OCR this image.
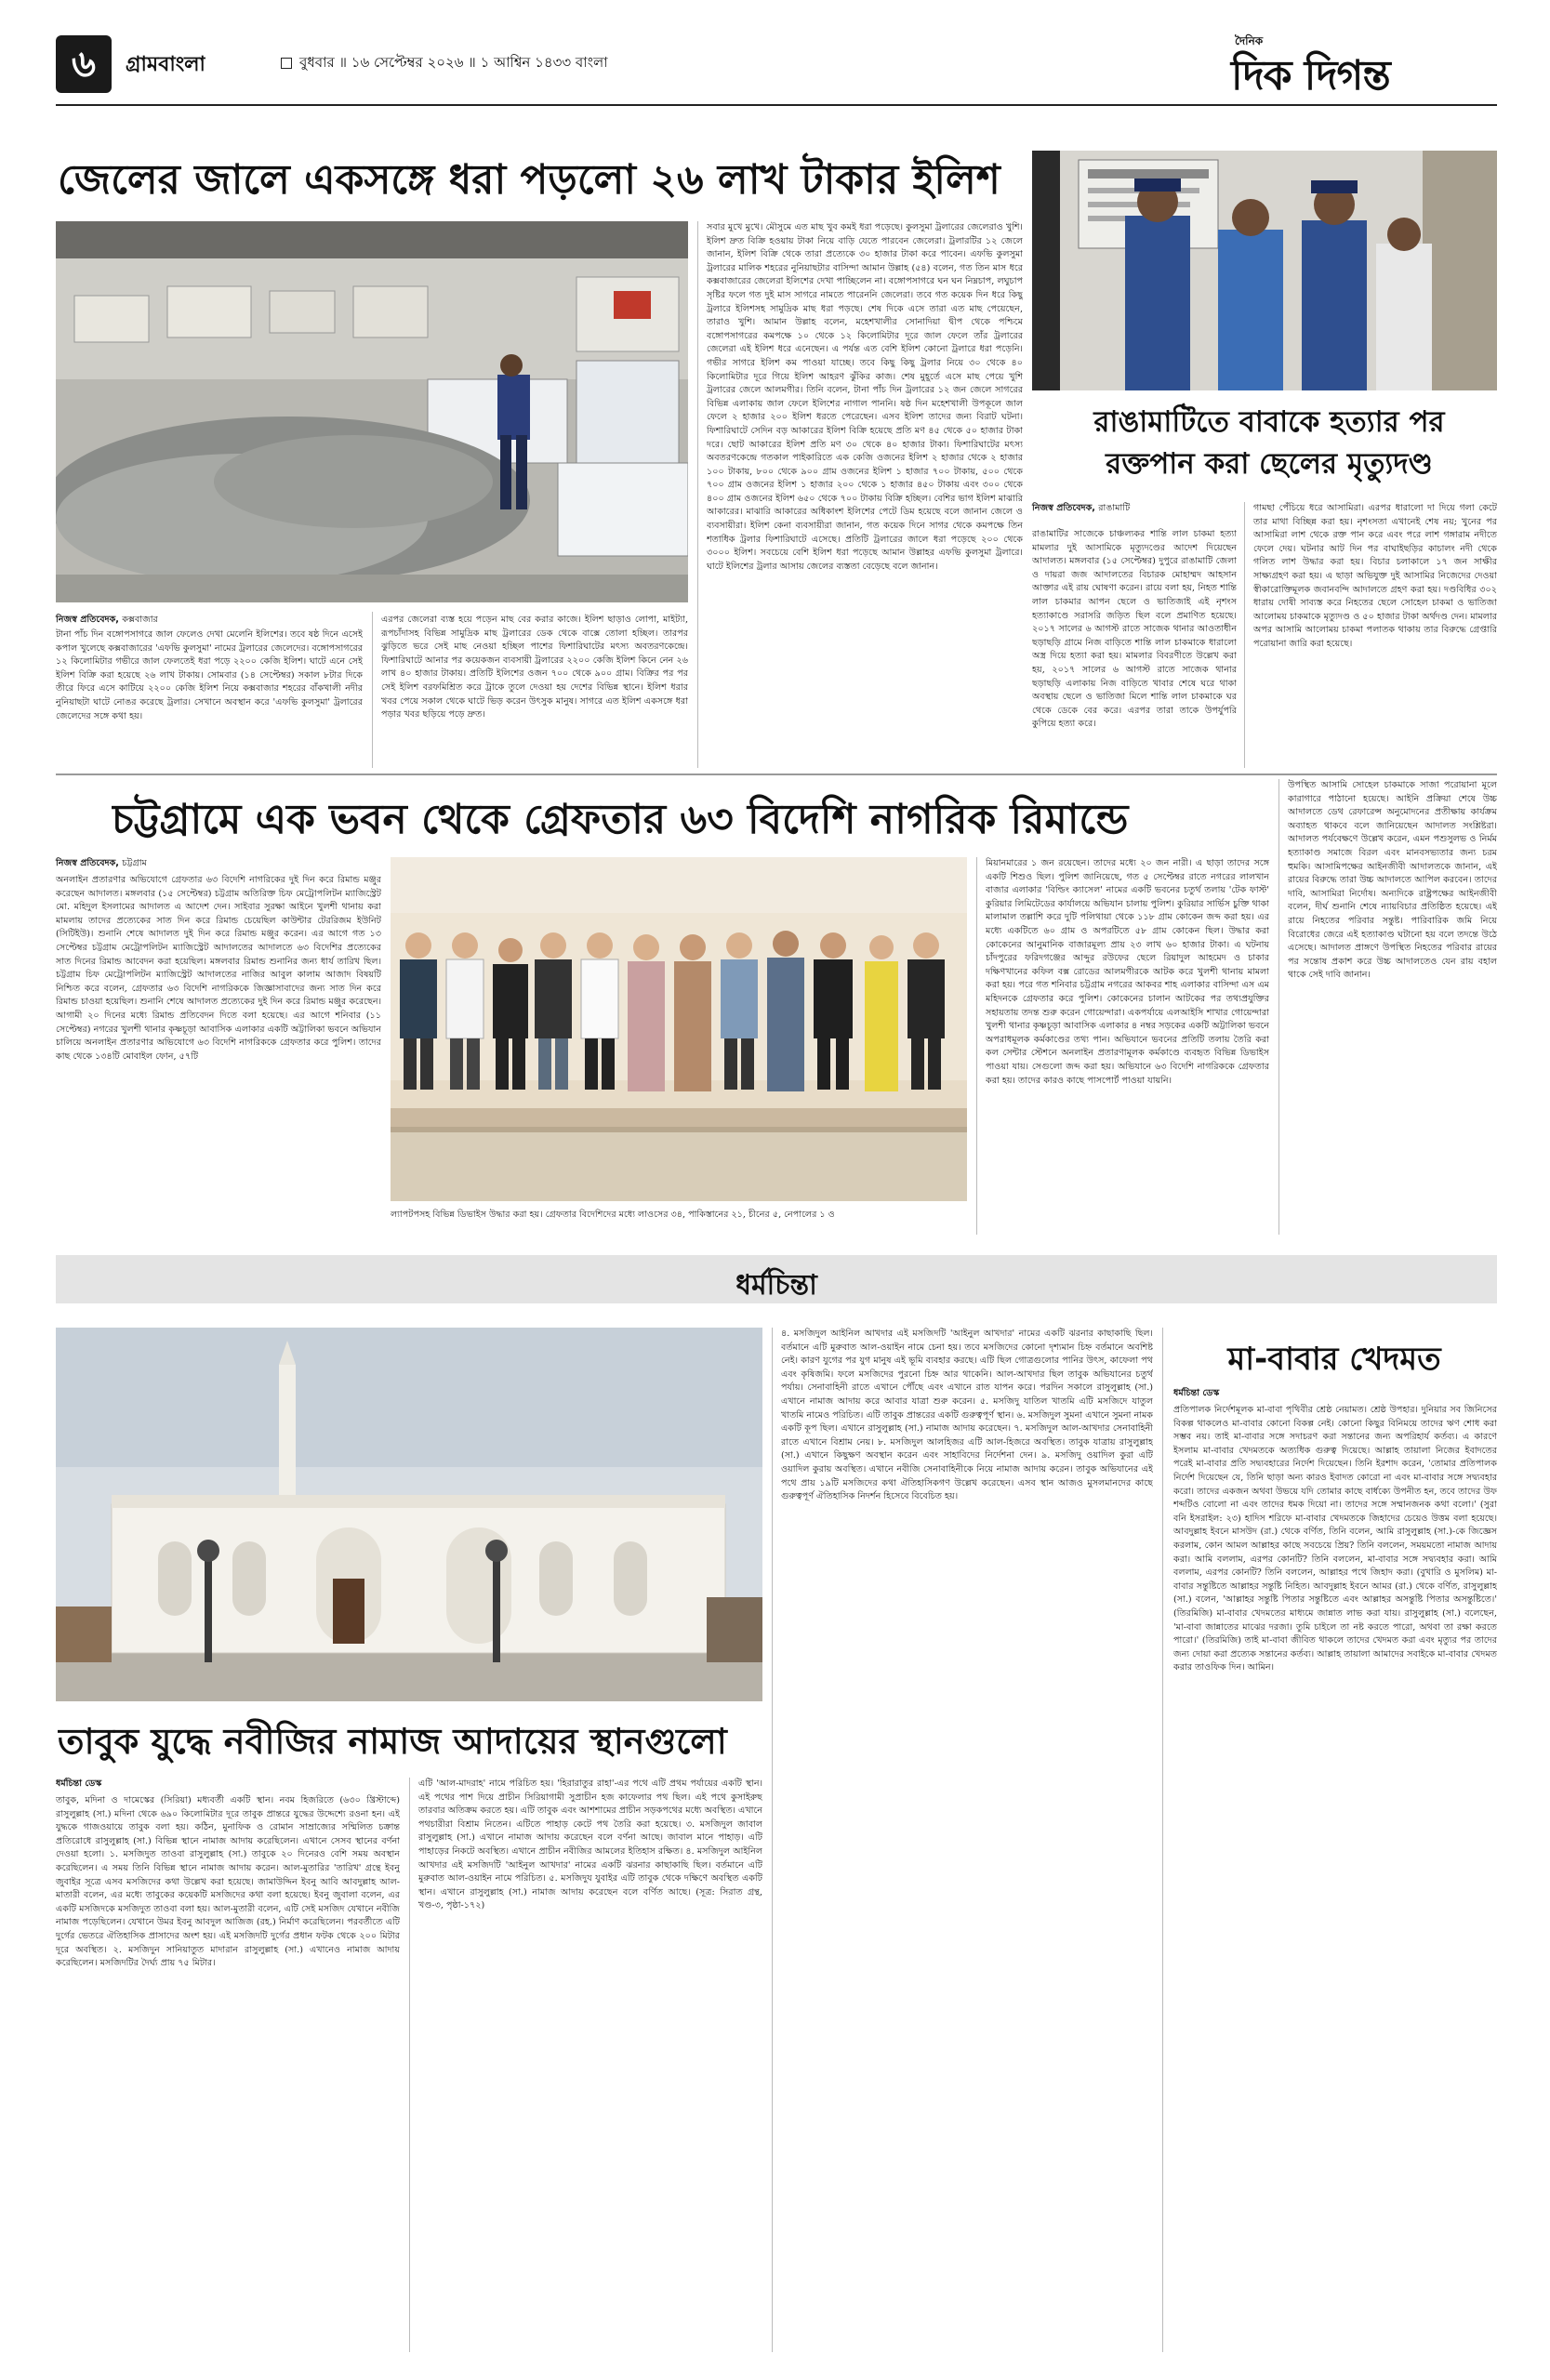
৬	গ্রামবাংলা	বুধবার ॥ ১৬ সেপ্টেম্বর ২০২৬ ॥ ১ আশ্বিন ১৪৩৩ বাংলা
দৈনিক
দিক দিগন্ত
জেলের জালে একসঙ্গে ধরা পড়লো ২৬ লাখ টাকার ইলিশ
নিজস্ব প্রতিবেদক, কক্সবাজার
টানা পাঁচ দিন বঙ্গোপসাগরে জাল ফেলেও দেখা মেলেনি ইলিশের। তবে ষষ্ঠ দিনে এসেই কপাল খুলেছে কক্সবাজারের 'এফভি কুলসুমা' নামের ট্রলারের জেলেদের। বঙ্গোপসাগরের ১২ কিলোমিটার গভীরে জাল ফেলতেই ধরা পড়ে ২২০০ কেজি ইলিশ। ঘাটে এনে সেই ইলিশ বিক্রি করা হয়েছে ২৬ লাখ টাকায়। সোমবার (১৪ সেপ্টেম্বর) সকাল ৮টার দিকে তীরে ফিরে এসে কাটিয়ে ২২০০ কেজি ইলিশ নিয়ে কক্সবাজার শহরের বাঁকখালী নদীর নুনিয়াছটা ঘাটে নোঙর করেছে ট্রলার। সেখানে অবস্থান করে 'এফভি কুলসুমা' ট্রলারের জেলেদের সঙ্গে কথা হয়।
এরপর জেলেরা ব্যস্ত হয়ে পড়েন মাছ বের করার কাজে। ইলিশ ছাড়াও লোপা, মাইট্যা, রূপচাঁদাসহ বিভিন্ন সামুদ্রিক মাছ ট্রলারের ডেক থেকে বাক্সে তোলা হচ্ছিল। তারপর ঝুড়িতে ভরে সেই মাছ নেওয়া হচ্ছিল পাশের ফিশারিঘাটের মৎস্য অবতরণকেন্দ্রে। ফিশারিঘাটে আনার পর কয়েকজন ব্যবসায়ী ট্রলারের ২২০০ কেজি ইলিশ কিনে নেন ২৬ লাখ ৪০ হাজার টাকায়। প্রতিটি ইলিশের ওজন ৭০০ থেকে ৯০০ গ্রাম। বিক্রির পর পর সেই ইলিশ বরফমিশ্রিত করে ট্রাকে তুলে দেওয়া হয় দেশের বিভিন্ন স্থানে। ইলিশ ধরার খবর পেয়ে সকাল থেকে ঘাটে ভিড় করেন উৎসুক মানুষ। সাগরে এত ইলিশ একসঙ্গে ধরা পড়ার খবর ছড়িয়ে পড়ে দ্রুত।
সবার মুখে মুখে। মৌসুমে এত মাছ খুব কমই ধরা পড়েছে। কুলসুমা ট্রলারের জেলেরাও খুশি। ইলিশ দ্রুত বিক্রি হওয়ায় টাকা নিয়ে বাড়ি যেতে পারবেন জেলেরা। ট্রলারটির ১২ জেলে জানান, ইলিশ বিক্রি থেকে তারা প্রত্যেকে ৩০ হাজার টাকা করে পাবেন। এফভি কুলসুমা ট্রলারের মালিক শহরের নুনিয়াছটার বাসিন্দা আমান উল্লাহ (৫৪) বলেন, গত তিন মাস ধরে কক্সবাজারের জেলেরা ইলিশের দেখা পাচ্ছিলেন না। বঙ্গোপসাগরে ঘন ঘন নিম্নচাপ, লঘুচাপ সৃষ্টির ফলে গত দুই মাস সাগরে নামতে পারেননি জেলেরা। তবে গত কয়েক দিন ধরে কিছু ট্রলারে ইলিশসহ সামুদ্রিক মাছ ধরা পড়ছে। শেষ দিকে এসে তারা এত মাছ পেয়েছেন, তারাও খুশি। আমান উল্লাহ বলেন, মহেশখালীর সোনাদিয়া দ্বীপ থেকে পশ্চিমে বঙ্গোপসাগরের কমপক্ষে ১০ থেকে ১২ কিলোমিটার দূরে জাল ফেলে তাঁর ট্রলারের জেলেরা এই ইলিশ ধরে এনেছেন। এ পর্যন্ত এত বেশি ইলিশ কোনো ট্রলারে ধরা পড়েনি। গভীর সাগরে ইলিশ কম পাওয়া যাচ্ছে। তবে কিছু কিছু ট্রলার নিয়ে ৩০ থেকে ৪০ কিলোমিটার দূরে গিয়ে ইলিশ আহরণ ঝুঁকির কাজ। শেষ মুহূর্তে এসে মাছ পেয়ে খুশি ট্রলারের জেলে আলমগীর। তিনি বলেন, টানা পাঁচ দিন ট্রলারের ১২ জন জেলে সাগরের বিভিন্ন এলাকায় জাল ফেলে ইলিশের নাগাল পাননি। ষষ্ঠ দিন মহেশখালী উপকূলে জাল ফেলে ২ হাজার ২০০ ইলিশ ধরতে পেরেছেন। এসব ইলিশ তাদের জন্য বিরাট ঘটনা। ফিশারিঘাটে সেদিন বড় আকারের ইলিশ বিক্রি হয়েছে প্রতি মণ ৪৫ থেকে ৫০ হাজার টাকা দরে। ছোট আকারের ইলিশ প্রতি মণ ৩০ থেকে ৪০ হাজার টাকা। ফিশারিঘাটের মৎস্য অবতরণকেন্দ্রে গতকাল পাইকারিতে এক কেজি ওজনের ইলিশ ২ হাজার থেকে ২ হাজার ১০০ টাকায়, ৮০০ থেকে ৯০০ গ্রাম ওজনের ইলিশ ১ হাজার ৭০০ টাকায়, ৫০০ থেকে ৭০০ গ্রাম ওজনের ইলিশ ১ হাজার ২০০ থেকে ১ হাজার ৪৫০ টাকায় এবং ৩০০ থেকে ৪০০ গ্রাম ওজনের ইলিশ ৬৫০ থেকে ৭০০ টাকায় বিক্রি হচ্ছিল। বেশির ভাগ ইলিশ মাঝারি আকারের। মাঝারি আকারের অধিকাংশ ইলিশের পেটে ডিম হয়েছে বলে জানান জেলে ও ব্যবসায়ীরা। ইলিশ কেনা ব্যবসায়ীরা জানান, গত কয়েক দিনে সাগর থেকে কমপক্ষে তিন শতাধিক ট্রলার ফিশারিঘাটে এসেছে। প্রতিটি ট্রলারের জালে ধরা পড়েছে ২০০ থেকে ৩০০০ ইলিশ। সবচেয়ে বেশি ইলিশ ধরা পড়েছে আমান উল্লাহর এফভি কুলসুমা ট্রলারে। ঘাটে ইলিশের ট্রলার আসায় জেলের ব্যস্ততা বেড়েছে বলে জানান।
রাঙামাটিতে বাবাকে হত্যার পর
রক্তপান করা ছেলের মৃত্যুদণ্ড
নিজস্ব প্রতিবেদক, রাঙামাটি
রাঙামাটির সাজেকে চাঞ্চল্যকর শান্তি লাল চাকমা হত্যা মামলার দুই আসামিকে মৃত্যুদণ্ডের আদেশ দিয়েছেন আদালত। মঙ্গলবার (১৫ সেপ্টেম্বর) দুপুরে রাঙামাটি জেলা ও দায়রা জজ আদালতের বিচারক মোহাম্মদ আহসান আক্তার এই রায় ঘোষণা করেন। রায়ে বলা হয়, নিহত শান্তি লাল চাকমার আপন ছেলে ও ভাতিজাই এই নৃশংস হত্যাকাণ্ডে সরাসরি জড়িত ছিল বলে প্রমাণিত হয়েছে। ২০১৭ সালের ৬ আগস্ট রাতে সাজেক থানার আওতাধীন ছড়াছড়ি গ্রামে নিজ বাড়িতে শান্তি লাল চাকমাকে ধারালো অস্ত্র দিয়ে হত্যা করা হয়। মামলার বিবরণীতে উল্লেখ করা হয়, ২০১৭ সালের ৬ আগস্ট রাতে সাজেক থানার ছড়াছড়ি এলাকায় নিজ বাড়িতে খাবার শেষে ঘরে থাকা অবস্থায় ছেলে ও ভাতিজা মিলে শান্তি লাল চাকমাকে ঘর থেকে ডেকে বের করে। এরপর তারা তাকে উপর্যুপরি কুপিয়ে হত্যা করে।
গামছা পেঁচিয়ে ধরে আসামিরা। এরপর ধারালো দা দিয়ে গলা কেটে তার মাথা বিচ্ছিন্ন করা হয়। নৃশংসতা এখানেই শেষ নয়; খুনের পর আসামিরা লাশ থেকে রক্ত পান করে এবং পরে লাশ গঙ্গারাম নদীতে ফেলে দেয়। ঘটনার আট দিন পর বাঘাইছড়ির কাচালং নদী থেকে গলিত লাশ উদ্ধার করা হয়। বিচার চলাকালে ১৭ জন সাক্ষীর সাক্ষ্যগ্রহণ করা হয়। এ ছাড়া অভিযুক্ত দুই আসামির নিজেদের দেওয়া স্বীকারোক্তিমূলক জবানবন্দি আদালতে গ্রহণ করা হয়। দণ্ডবিধির ৩০২ ধারায় দোষী সাব্যস্ত করে নিহতের ছেলে সোহেল চাকমা ও ভাতিজা আলোময় চাকমাকে মৃত্যুদণ্ড ও ৫০ হাজার টাকা অর্থদণ্ড দেন। মামলার অপর আসামি আলোময় চাকমা পলাতক থাকায় তার বিরুদ্ধে গ্রেপ্তারি পরোয়ানা জারি করা হয়েছে।
চট্টগ্রামে এক ভবন থেকে গ্রেফতার ৬৩ বিদেশি নাগরিক রিমান্ডে
উপস্থিত আসামি সোহেল চাকমাকে সাজা পরোয়ানা মূলে কারাগারে পাঠানো হয়েছে। আইনি প্রক্রিয়া শেষে উচ্চ আদালতে ডেথ রেফারেন্স অনুমোদনের প্রতীক্ষায় কার্যক্রম অব্যাহত থাকবে বলে জানিয়েছেন আদালত সংশ্লিষ্টরা। আদালত পর্যবেক্ষণে উল্লেখ করেন, এমন পশুসুলভ ও নির্মম হত্যাকাণ্ড সমাজে বিরল এবং মানবসভ্যতার জন্য চরম হুমকি। আসামিপক্ষের আইনজীবী আদালতকে জানান, এই রায়ের বিরুদ্ধে তারা উচ্চ আদালতে আপিল করবেন। তাদের দাবি, আসামিরা নির্দোষ। অন্যদিকে রাষ্ট্রপক্ষের আইনজীবী বলেন, দীর্ঘ শুনানি শেষে ন্যায়বিচার প্রতিষ্ঠিত হয়েছে। এই রায়ে নিহতের পরিবার সন্তুষ্ট। পারিবারিক জমি নিয়ে বিরোধের জেরে এই হত্যাকাণ্ড ঘটানো হয় বলে তদন্তে উঠে এসেছে। আদালত প্রাঙ্গণে উপস্থিত নিহতের পরিবার রায়ের পর সন্তোষ প্রকাশ করে উচ্চ আদালতেও যেন রায় বহাল থাকে সেই দাবি জানান।
নিজস্ব প্রতিবেদক, চট্টগ্রাম
অনলাইন প্রতারণার অভিযোগে গ্রেফতার ৬৩ বিদেশি নাগরিকের দুই দিন করে রিমান্ড মঞ্জুর করেছেন আদালত। মঙ্গলবার (১৫ সেপ্টেম্বর) চট্টগ্রাম অতিরিক্ত চিফ মেট্রোপলিটন ম্যাজিস্ট্রেট মো. মহিদুল ইসলামের আদালত এ আদেশ দেন। সাইবার সুরক্ষা আইনে খুলশী থানায় করা মামলায় তাদের প্রত্যেকের সাত দিন করে রিমান্ড চেয়েছিল কাউন্টার টেররিজম ইউনিট (সিটিইউ)। শুনানি শেষে আদালত দুই দিন করে রিমান্ড মঞ্জুর করেন। এর আগে গত ১৩ সেপ্টেম্বর চট্টগ্রাম মেট্রোপলিটন ম্যাজিস্ট্রেট আদালতের আদালতে ৬৩ বিদেশির প্রত্যেকের সাত দিনের রিমান্ড আবেদন করা হয়েছিল। মঙ্গলবার রিমান্ড শুনানির জন্য ধার্য তারিখ ছিল। চট্টগ্রাম চিফ মেট্রোপলিটন ম্যাজিস্ট্রেট আদালতের নাজির আবুল কালাম আজাদ বিষয়টি নিশ্চিত করে বলেন, গ্রেফতার ৬৩ বিদেশি নাগরিককে জিজ্ঞাসাবাদের জন্য সাত দিন করে রিমান্ড চাওয়া হয়েছিল। শুনানি শেষে আদালত প্রত্যেকের দুই দিন করে রিমান্ড মঞ্জুর করেছেন। আগামী ২০ দিনের মধ্যে রিমান্ড প্রতিবেদন দিতে বলা হয়েছে। এর আগে শনিবার (১১ সেপ্টেম্বর) নগরের খুলশী থানার কৃষ্ণচূড়া আবাসিক এলাকার একটি অট্টালিকা ভবনে অভিযান চালিয়ে অনলাইন প্রতারণার অভিযোগে ৬৩ বিদেশি নাগরিককে গ্রেফতার করে পুলিশ। তাদের কাছ থেকে ১৩৪টি মোবাইল ফোন, ৫৭টি
ল্যাপটপসহ বিভিন্ন ডিভাইস উদ্ধার করা হয়। গ্রেফতার বিদেশিদের মধ্যে লাওসের ৩৪, পাকিস্তানের ২১, চীনের ৫, নেপালের ১ ও
মিয়ানমারের ১ জন রয়েছেন। তাদের মধ্যে ২০ জন নারী। এ ছাড়া তাদের সঙ্গে একটি শিশুও ছিল। পুলিশ জানিয়েছে, গত ৫ সেপ্টেম্বর রাতে নগরের লালখান বাজার এলাকার 'বিল্ডিং ক্যাসেল' নামের একটি ভবনের চতুর্থ তলায় 'টেক ফাস্ট' কুরিয়ার লিমিটেডের কার্যালয়ে অভিযান চালায় পুলিশ। কুরিয়ার সার্ভিস চুক্তি থাকা মালামাল তল্লাশি করে দুটি পলিথায়া থেকে ১১৮ গ্রাম কোকেন জব্দ করা হয়। এর মধ্যে একটিতে ৬০ গ্রাম ও অপরটিতে ৫৮ গ্রাম কোকেন ছিল। উদ্ধার করা কোকেনের আনুমানিক বাজারমূল্য প্রায় ২৩ লাখ ৬০ হাজার টাকা। এ ঘটনায় চাঁদপুরের ফরিদগঞ্জের আব্দুর রউফের ছেলে রিয়াদুল আহমেদ ও চাকার দক্ষিণখানের কফিল বক্স রোডের আলমগীরকে আটক করে খুলশী থানায় মামলা করা হয়। পরে গত শনিবার চট্টগ্রাম নগরের আকবর শাহ এলাকার বাসিন্দা এস এম মহিদনকে গ্রেফতার করে পুলিশ। কোকেনের চালান আটকের পর তথ্যপ্রযুক্তির সহায়তায় তদন্ত শুরু করেন গোয়েন্দারা। একপর্যায়ে এলআইসি শাখার গোয়েন্দারা খুলশী থানার কৃষ্ণচূড়া আবাসিক এলাকার ৪ নম্বর সড়কের একটি অট্টালিকা ভবনে অপরাধমূলক কর্মকাণ্ডের তথ্য পান। অভিযানে ভবনের প্রতিটি তলায় তৈরি করা কল সেন্টার স্টেশনে অনলাইন প্রতারণামূলক কর্মকাণ্ডে ব্যবহৃত বিভিন্ন ডিভাইস পাওয়া যায়। সেগুলো জব্দ করা হয়। অভিযানে ৬৩ বিদেশি নাগরিককে গ্রেফতার করা হয়। তাদের কারও কাছে পাসপোর্ট পাওয়া যায়নি।
ধর্মচিন্তা
তাবুক যুদ্ধে নবীজির নামাজ আদায়ের স্থানগুলো
ধর্মচিন্তা ডেস্ক
তাবুক, মদিনা ও দামেস্কের (সিরিয়া) মধ্যবর্তী একটি স্থান। নবম হিজরিতে (৬৩০ খ্রিস্টাব্দে) রাসুলুল্লাহ (সা.) মদিনা থেকে ৬৯০ কিলোমিটার দূরে তাবুক প্রান্তরে যুদ্ধের উদ্দেশ্যে রওনা হন। এই যুদ্ধকে গাজওয়ায়ে তাবুক বলা হয়। কঠিন, মুনাফিক ও রোমান সাম্রাজ্যের সম্মিলিত চক্রান্ত প্রতিরোধে রাসুলুল্লাহ (সা.) বিভিন্ন স্থানে নামাজ আদায় করেছিলেন। এখানে সেসব স্থানের বর্ণনা দেওয়া হলো। ১. মসজিদুত তাওবা রাসুলুল্লাহ (সা.) তাবুকে ২০ দিনেরও বেশি সময় অবস্থান করেছিলেন। এ সময় তিনি বিভিন্ন স্থানে নামাজ আদায় করেন। আল-মুতারির 'তারিখ' গ্রন্থে ইবনু জুবাইর সূত্রে এসব মসজিদের কথা উল্লেখ করা হয়েছে। জামাউদ্দিন ইবনু আবি আবদুল্লাহ আল-মাতারী বলেন, এর মধ্যে তাবুকের কয়েকটি মসজিদের কথা বলা হয়েছে। ইবনু জুবালা বলেন, এর একটি মসজিদকে মসজিদুত তাওবা বলা হয়। আল-মুতারী বলেন, এটি সেই মসজিদ যেখানে নবীজি নামাজ পড়েছিলেন। যেখানে উমর ইবনু আবদুল আজিজ (রহ.) নির্মাণ করেছিলেন। পরবর্তীতে এটি দুর্গের ভেতরে ঐতিহাসিক প্রাসাদের অংশ হয়। এই মসজিদটি দুর্গের প্রধান ফটক থেকে ২০০ মিটার দূরে অবস্থিত। ২. মসজিদুন সানিয়াতুত মাদারান রাসুলুল্লাহ (সা.) এখানেও নামাজ আদায় করেছিলেন। মসজিদটির দৈর্ঘ্য প্রায় ৭৫ মিটার।
এটি 'আল-মাদরাহ' নামে পরিচিত হয়। 'হিরারাতুর রাহা'-এর পথে এটি প্রথম পর্যায়ের একটি স্থান। এই পথের পাশ দিয়ে প্রাচীন সিরিয়াগামী সুপ্রাচীন হজ কাফেলার পথ ছিল। এই পথে কুসাইরুছ তারবার অতিক্রম করতে হয়। এটি তাবুক এবং আশশামের প্রাচীন সড়কপথের মধ্যে অবস্থিত। এখানে পথচারীরা বিশ্রাম নিতেন। এটিতে পাহাড় কেটে পথ তৈরি করা হয়েছে। ৩. মসজিদুল জাবাল রাসুলুল্লাহ (সা.) এখানে নামাজ আদায় করেছেন বলে বর্ণনা আছে। জাবাল মানে পাহাড়। এটি পাহাড়ের নিকটে অবস্থিত। এখানে প্রাচীন নবীজির আমলের ইতিহাস রক্ষিত। ৪. মসজিদুল আইনিল আখদার এই মসজিদটি 'আইনুল আখদার' নামের একটি ঝরনার কাছাকাছি ছিল। বর্তমানে এটি মুরুবাত আল-ওয়াইন নামে পরিচিত। ৫. মসজিদুয যুবাইর এটি তাবুক থেকে দক্ষিণে অবস্থিত একটি স্থান। এখানে রাসুলুল্লাহ (সা.) নামাজ আদায় করেছেন বলে বর্ণিত আছে। (সূত্র: সিরাত গ্রন্থ, খণ্ড-৩, পৃষ্ঠা-১৭২)
৪. মসজিদুল আইনিল আখদার এই মসজিদটি 'আইনুল আখদার' নামের একটি ঝরনার কাছাকাছি ছিল। বর্তমানে এটি মুরুবাত আল-ওয়াইন নামে চেনা হয়। তবে মসজিদের কোনো দৃশ্যমান চিহ্ন বর্তমানে অবশিষ্ট নেই। কারণ যুগের পর যুগ মানুষ এই ভূমি ব্যবহার করছে। এটি ছিল গোত্রগুলোর পানির উৎস, কাফেলা পথ এবং কৃষিজমি। ফলে মসজিদের পুরনো চিহ্ন আর থাকেনি। আল-আখদার ছিল তাবুক অভিযানের চতুর্থ পর্যায়। সেনাবাহিনী রাতে এখানে পৌঁছে এবং এখানে রাত যাপন করে। পরদিন সকালে রাসুলুল্লাহ (সা.) এখানে নামাজ আদায় করে আবার যাত্রা শুরু করেন। ৫. মসজিদু যাতিল খাতমি এটি মসজিদে যাতুল খাতমি নামেও পরিচিত। এটি তাবুক প্রান্তরের একটি গুরুত্বপূর্ণ স্থান। ৬. মসজিদুল সুমনা এখানে সুমনা নামক একটি কূপ ছিল। এখানে রাসুলুল্লাহ (সা.) নামাজ আদায় করেছেন। ৭. মসজিদুল আল-আখদার সেনাবাহিনী রাতে এখানে বিশ্রাম নেয়। ৮. মসজিদুল আলহিজর এটি আল-হিজরে অবস্থিত। তাবুক যাত্রায় রাসুলুল্লাহ (সা.) এখানে কিছুক্ষণ অবস্থান করেন এবং সাহাবিদের নির্দেশনা দেন। ৯. মসজিদু ওয়াদিল কুরা এটি ওয়াদিল কুরায় অবস্থিত। এখানে নবীজি সেনাবাহিনীকে নিয়ে নামাজ আদায় করেন। তাবুক অভিযানের এই পথে প্রায় ১৯টি মসজিদের কথা ঐতিহাসিকগণ উল্লেখ করেছেন। এসব স্থান আজও মুসলমানদের কাছে গুরুত্বপূর্ণ ঐতিহাসিক নিদর্শন হিসেবে বিবেচিত হয়।
মা-বাবার খেদমত
ধর্মচিন্তা ডেস্ক
প্রতিপালক নির্দেশমূলক মা-বাবা পৃথিবীর শ্রেষ্ঠ নেয়ামত। শ্রেষ্ঠ উপহার। দুনিয়ার সব জিনিসের বিকল্প থাকলেও মা-বাবার কোনো বিকল্প নেই। কোনো কিছুর বিনিময়ে তাদের ঋণ শোধ করা সম্ভব নয়। তাই মা-বাবার সঙ্গে সদাচরণ করা সন্তানের জন্য অপরিহার্য কর্তব্য। এ কারণে ইসলাম মা-বাবার খেদমতকে অত্যধিক গুরুত্ব দিয়েছে। আল্লাহ তায়ালা নিজের ইবাদতের পরেই মা-বাবার প্রতি সদ্ব্যবহারের নির্দেশ দিয়েছেন। তিনি ইরশাদ করেন, 'তোমার প্রতিপালক নির্দেশ দিয়েছেন যে, তিনি ছাড়া অন্য কারও ইবাদত কোরো না এবং মা-বাবার সঙ্গে সদ্ব্যবহার করো। তাদের একজন অথবা উভয়ে যদি তোমার কাছে বার্ধক্যে উপনীত হন, তবে তাদের উফ শব্দটিও বোলো না এবং তাদের ধমক দিয়ো না। তাদের সঙ্গে সম্মানজনক কথা বলো।' (সুরা বনি ইসরাইল: ২৩) হাদিস শরিফে মা-বাবার খেদমতকে জিহাদের চেয়েও উত্তম বলা হয়েছে। আবদুল্লাহ ইবনে মাসউদ (রা.) থেকে বর্ণিত, তিনি বলেন, আমি রাসুলুল্লাহ (সা.)-কে জিজ্ঞেস করলাম, কোন আমল আল্লাহর কাছে সবচেয়ে প্রিয়? তিনি বললেন, সময়মতো নামাজ আদায় করা। আমি বললাম, এরপর কোনটি? তিনি বললেন, মা-বাবার সঙ্গে সদ্ব্যবহার করা। আমি বললাম, এরপর কোনটি? তিনি বললেন, আল্লাহর পথে জিহাদ করা। (বুখারি ও মুসলিম) মা-বাবার সন্তুষ্টিতে আল্লাহর সন্তুষ্টি নিহিত। আবদুল্লাহ ইবনে আমর (রা.) থেকে বর্ণিত, রাসুলুল্লাহ (সা.) বলেন, 'আল্লাহর সন্তুষ্টি পিতার সন্তুষ্টিতে এবং আল্লাহর অসন্তুষ্টি পিতার অসন্তুষ্টিতে।' (তিরমিজি) মা-বাবার খেদমতের মাধ্যমে জান্নাত লাভ করা যায়। রাসুলুল্লাহ (সা.) বলেছেন, 'মা-বাবা জান্নাতের মাঝের দরজা। তুমি চাইলে তা নষ্ট করতে পারো, অথবা তা রক্ষা করতে পারো।' (তিরমিজি) তাই মা-বাবা জীবিত থাকলে তাদের খেদমত করা এবং মৃত্যুর পর তাদের জন্য দোয়া করা প্রত্যেক সন্তানের কর্তব্য। আল্লাহ তায়ালা আমাদের সবাইকে মা-বাবার খেদমত করার তাওফিক দিন। আমিন।
